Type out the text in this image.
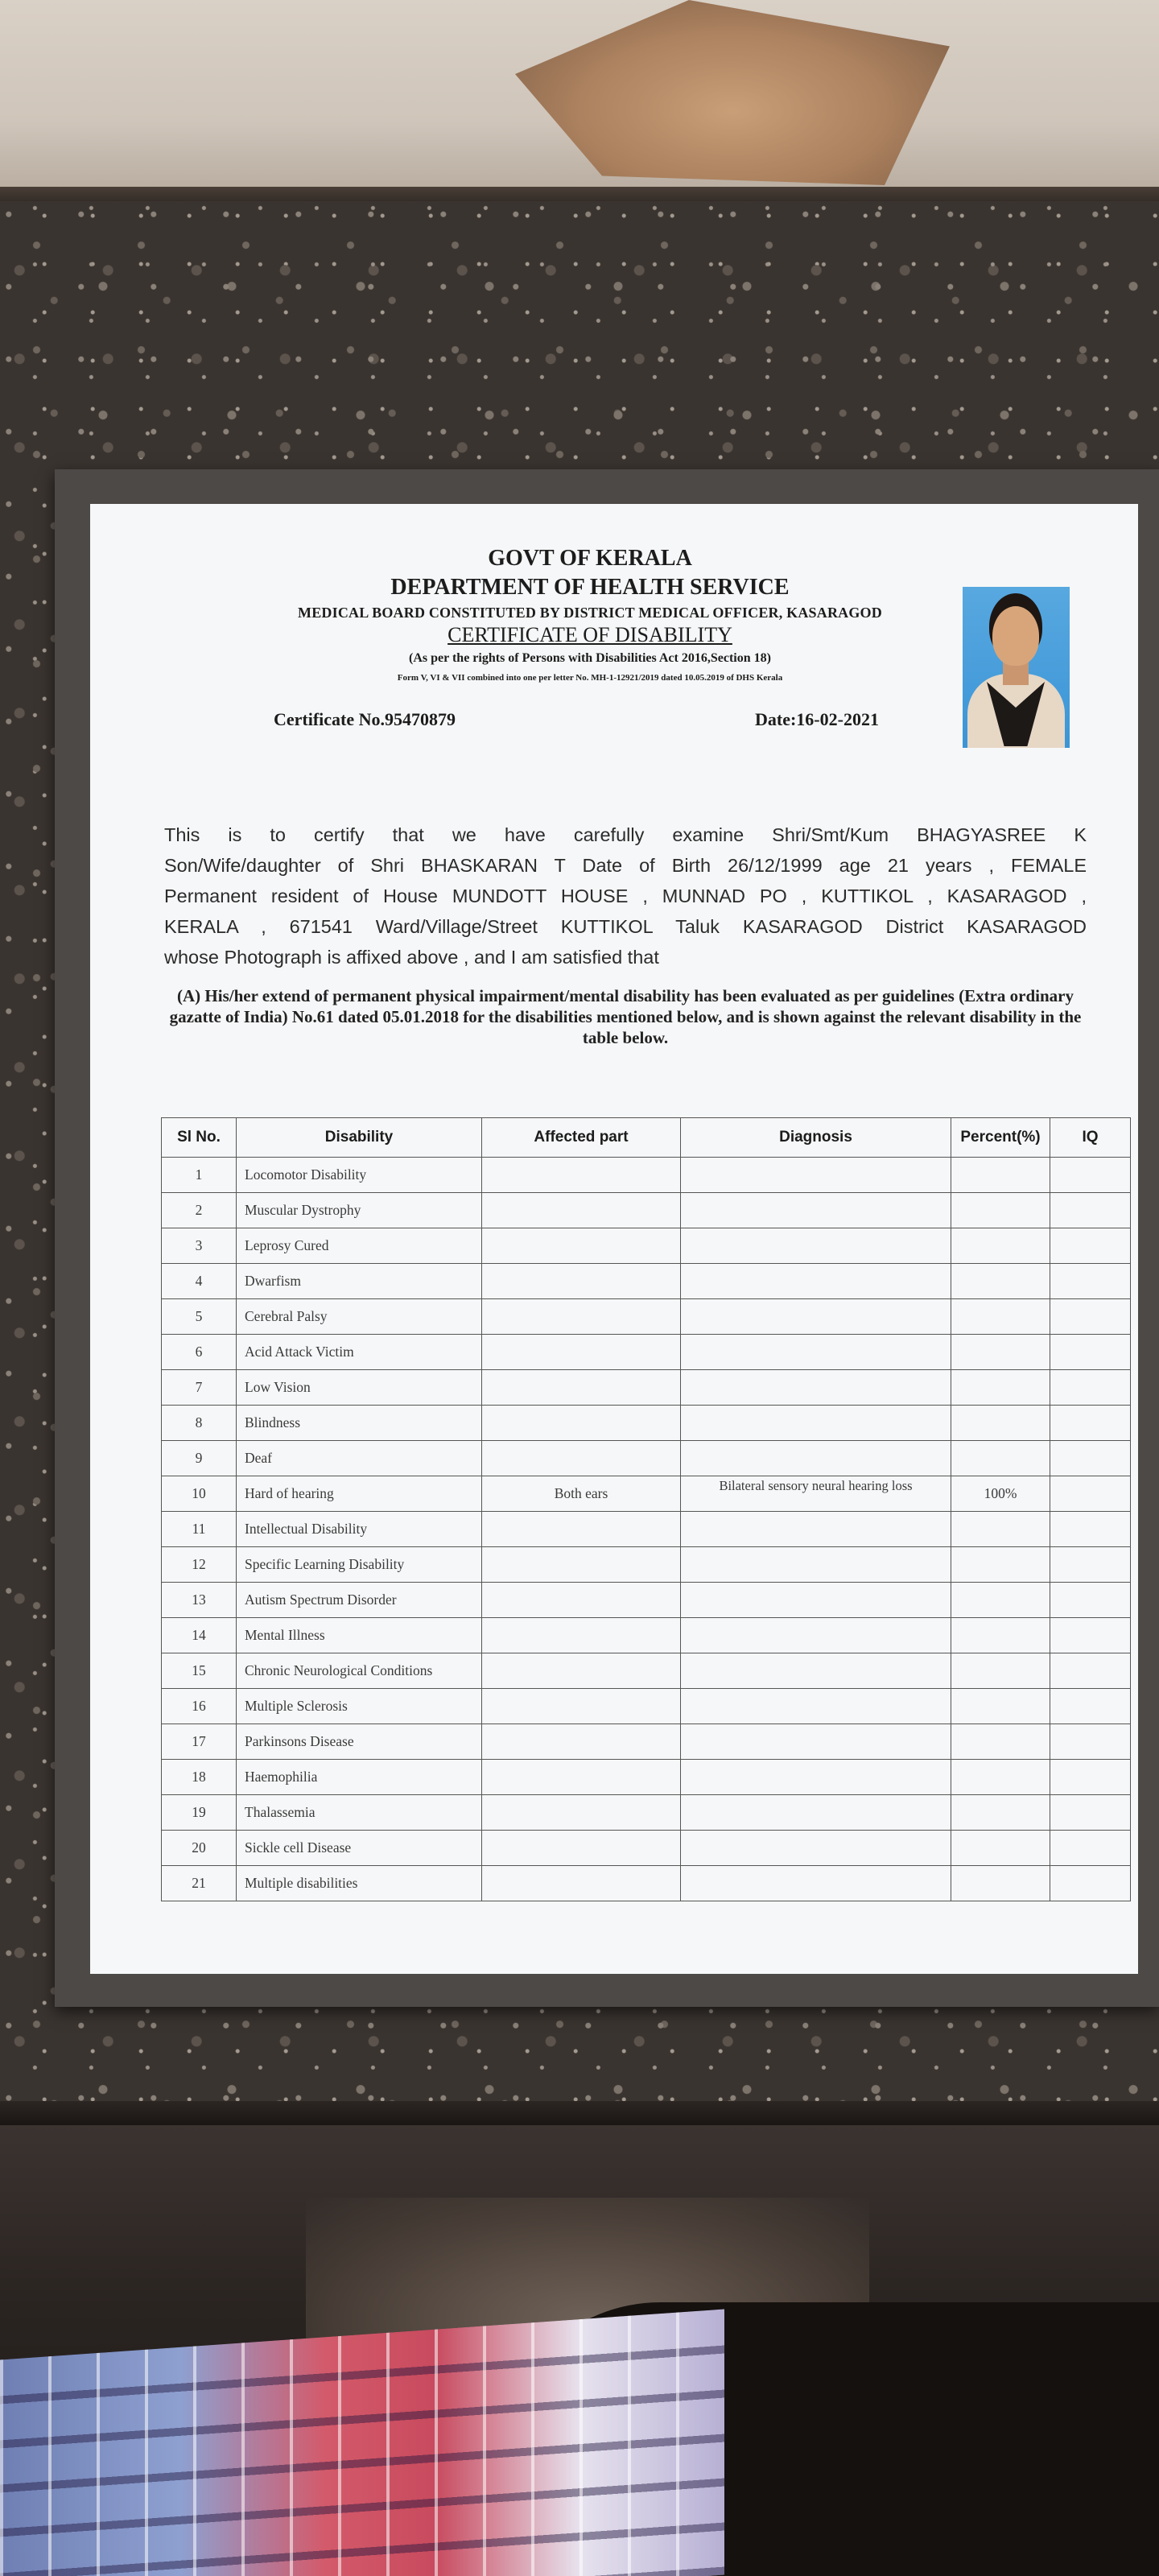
GOVT OF KERALA
DEPARTMENT OF HEALTH SERVICE
MEDICAL BOARD CONSTITUTED BY DISTRICT MEDICAL OFFICER, KASARAGOD
CERTIFICATE OF DISABILITY
(As per the rights of Persons with Disabilities Act 2016,Section 18)
Form V, VI & VII combined into one per letter No. MH-1-12921/2019 dated 10.05.2019 of DHS Kerala
Certificate No.95470879	Date:16-02-2021
This is to certify that we have carefully examine Shri/Smt/Kum BHAGYASREE K
Son/Wife/daughter of Shri BHASKARAN T Date of Birth 26/12/1999 age 21 years , FEMALE
Permanent resident of House MUNDOTT HOUSE , MUNNAD PO , KUTTIKOL , KASARAGOD ,
KERALA , 671541 Ward/Village/Street KUTTIKOL Taluk KASARAGOD District KASARAGOD
whose Photograph is affixed above , and I am satisfied that
(A) His/her extend of permanent physical impairment/mental disability has been evaluated as per guidelines (Extra ordinary gazatte of India) No.61 dated 05.01.2018 for the disabilities mentioned below, and is shown against the relevant disability in the table below.
Sl No.	Disability	Affected part	Diagnosis	Percent(%)	IQ
1	Locomotor Disability				
2	Muscular Dystrophy				
3	Leprosy Cured				
4	Dwarfism				
5	Cerebral Palsy				
6	Acid Attack Victim				
7	Low Vision				
8	Blindness				
9	Deaf				
10	Hard of hearing	Both ears	Bilateral sensory neural hearing loss	100%	
11	Intellectual Disability				
12	Specific Learning Disability				
13	Autism Spectrum Disorder				
14	Mental Illness				
15	Chronic Neurological Conditions				
16	Multiple Sclerosis				
17	Parkinsons Disease				
18	Haemophilia				
19	Thalassemia				
20	Sickle cell Disease				
21	Multiple disabilities				
